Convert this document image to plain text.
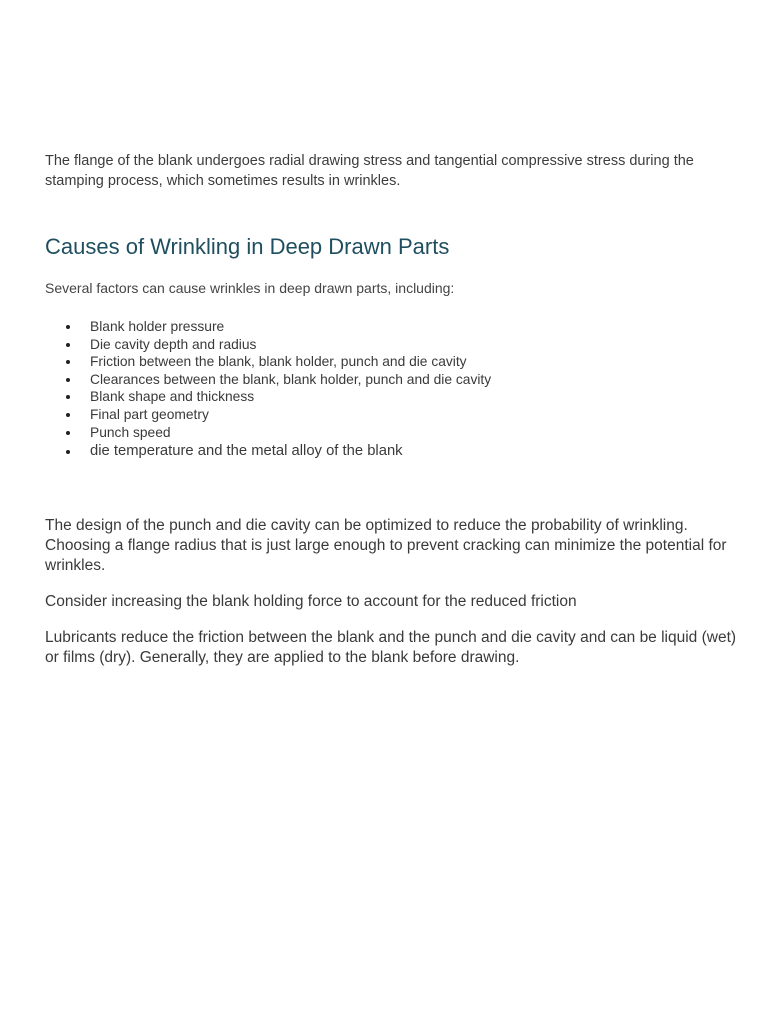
The flange of the blank undergoes radial drawing stress and tangential compressive stress during the stamping process, which sometimes results in wrinkles.

Causes of Wrinkling in Deep Drawn Parts

Several factors can cause wrinkles in deep drawn parts, including:

Blank holder pressure
Die cavity depth and radius
Friction between the blank, blank holder, punch and die cavity
Clearances between the blank, blank holder, punch and die cavity
Blank shape and thickness
Final part geometry
Punch speed
die temperature and the metal alloy of the blank

The design of the punch and die cavity can be optimized to reduce the probability of wrinkling. Choosing a flange radius that is just large enough to prevent cracking can minimize the potential for wrinkles.

Consider increasing the blank holding force to account for the reduced friction

Lubricants reduce the friction between the blank and the punch and die cavity and can be liquid (wet) or films (dry). Generally, they are applied to the blank before drawing.
